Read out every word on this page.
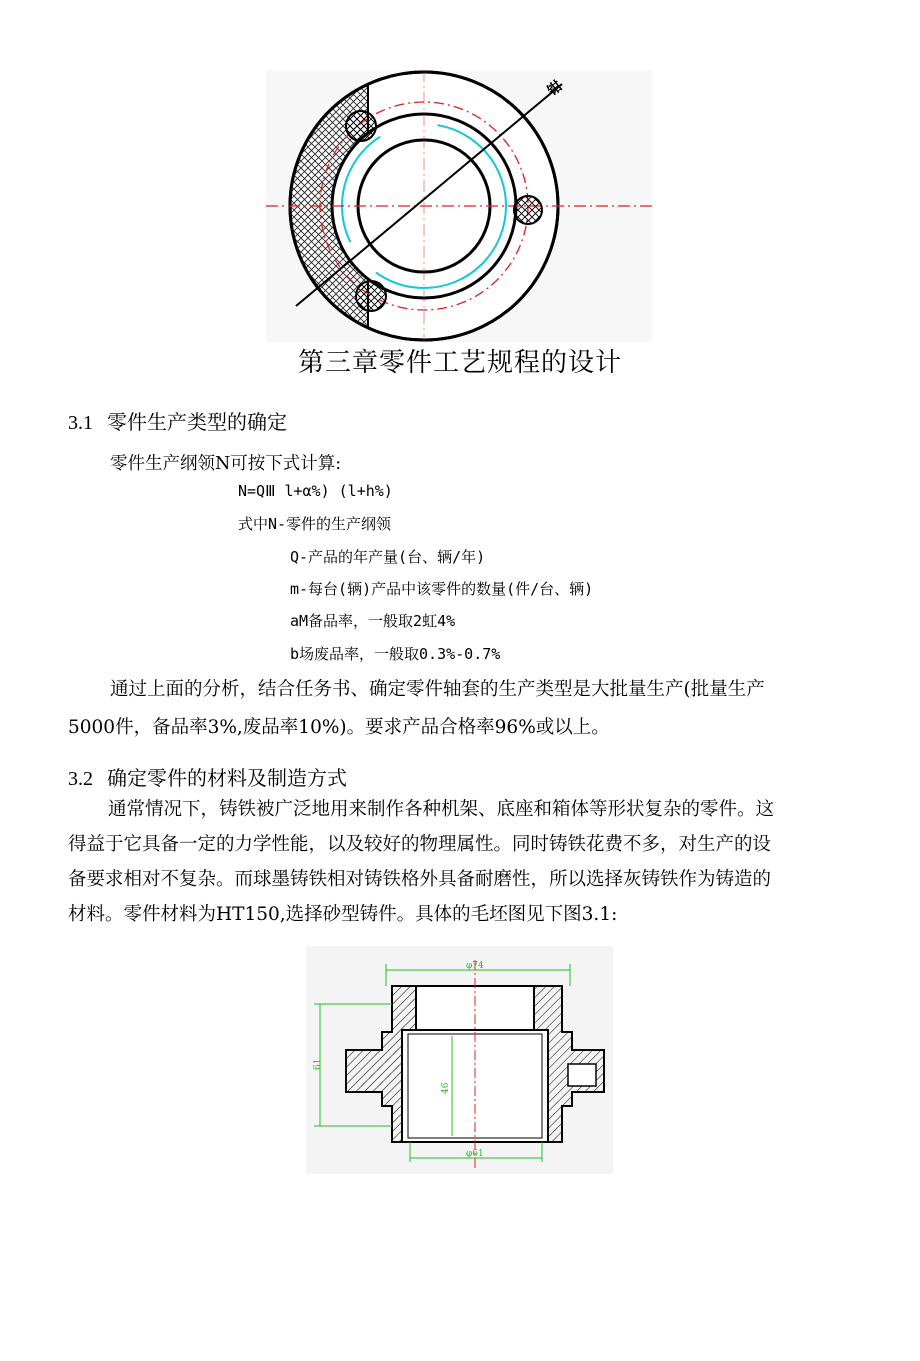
钳
第三章零件工艺规程的设计
3.1 零件生产类型的确定
零件生产纲领N可按下式计算:
N=QⅢ l+α%) (l+h%)
式中N-零件的生产纲领
Q-产品的年产量(台、辆/年)
m-每台(辆)产品中该零件的数量(件/台、辆)
aM备品率，一般取2虹4%
b场废品率，一般取0.3%-0.7%
通过上面的分析，结合任务书、确定零件轴套的生产类型是大批量生产(批量生产
5000件，备品率3%,废品率10%)。要求产品合格率96%或以上。
3.2 确定零件的材料及制造方式
通常情况下，铸铁被广泛地用来制作各种机架、底座和箱体等形状复杂的零件。这
得益于它具备一定的力学性能，以及较好的物理属性。同时铸铁花费不多，对生产的设
备要求相对不复杂。而球墨铸铁相对铸铁格外具备耐磨性，所以选择灰铸铁作为铸造的
材料。零件材料为HT150,选择砂型铸件。具体的毛坯图见下图3.1:
φ74
φ61
61
46
